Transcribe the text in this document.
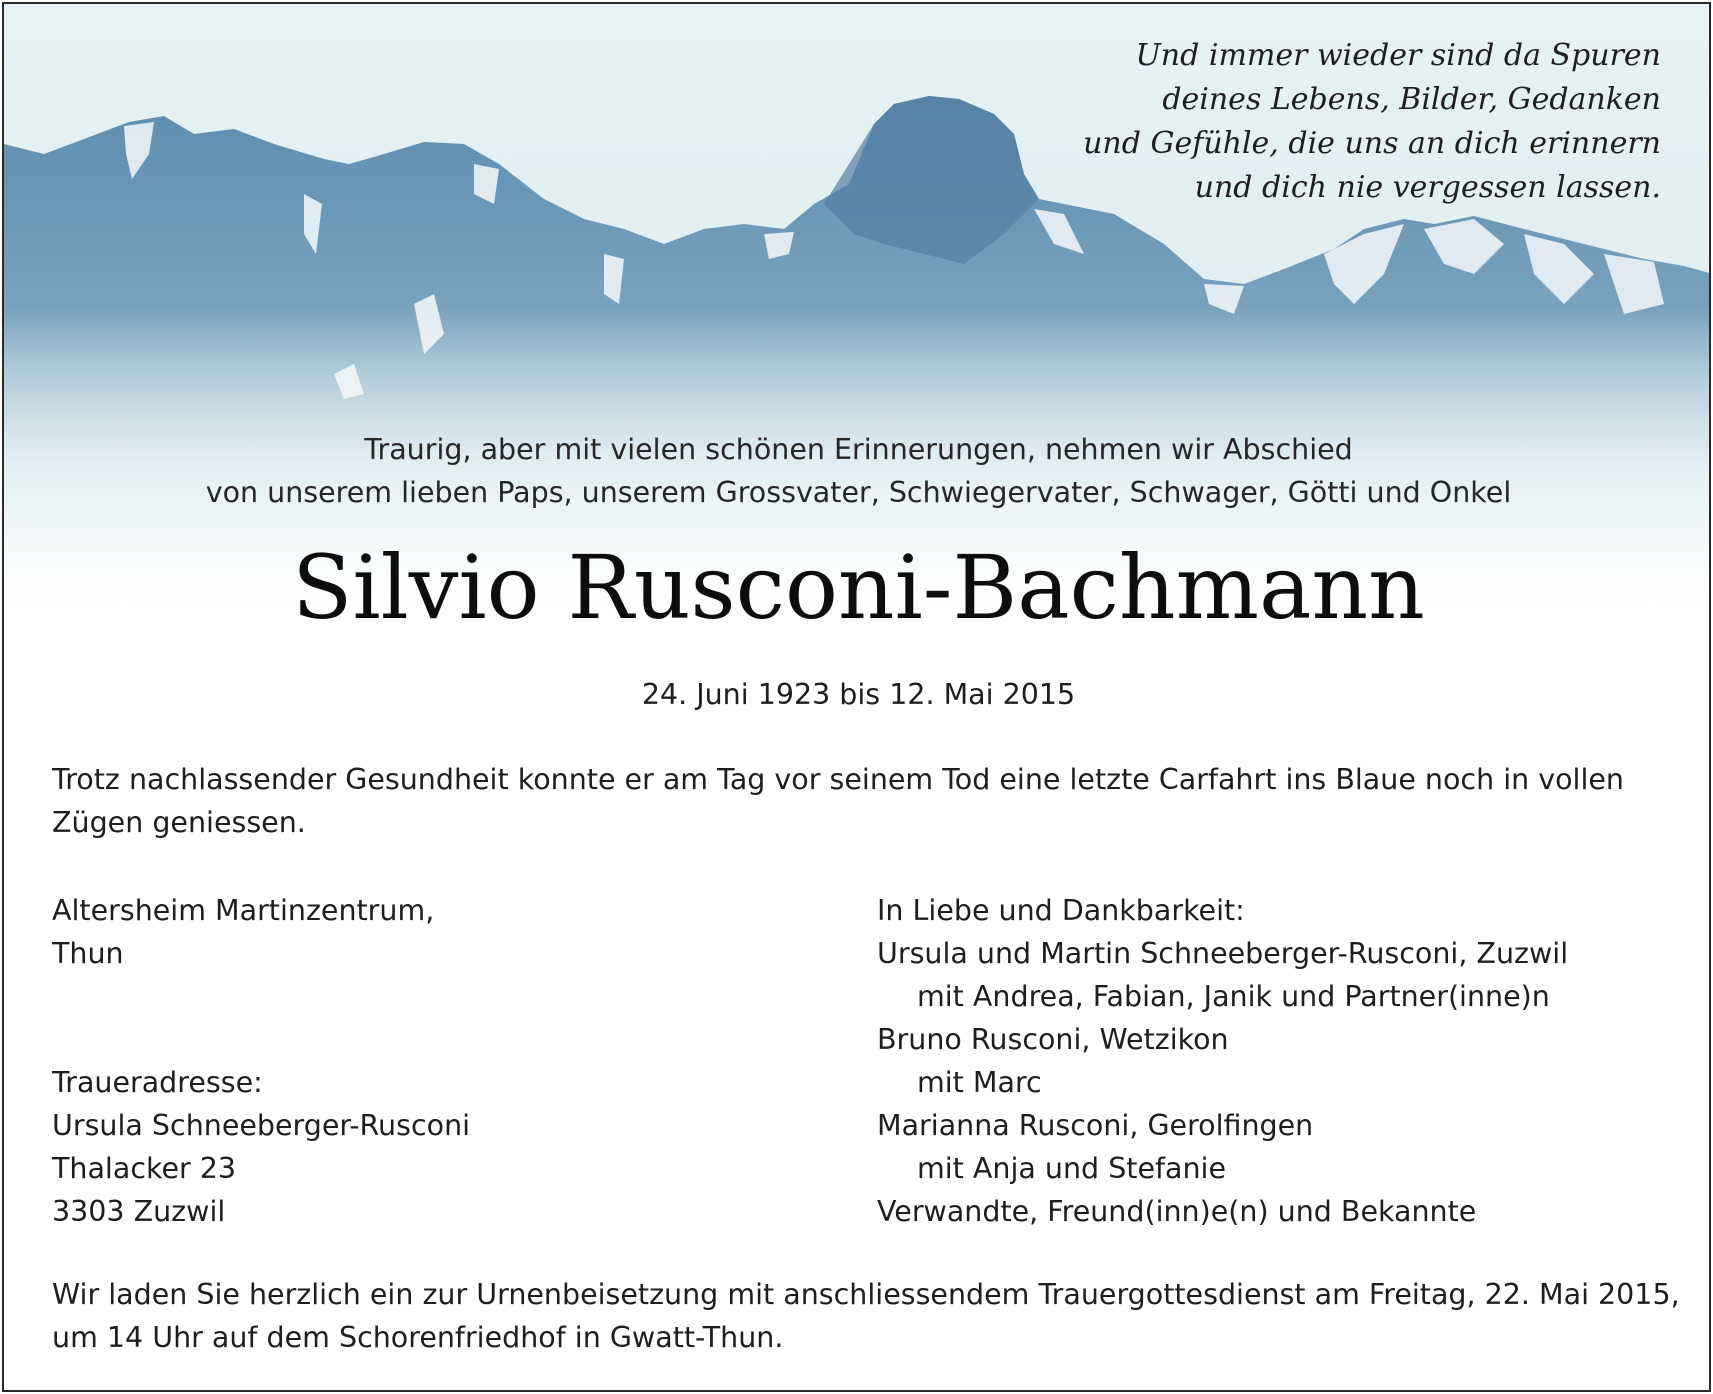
Und immer wieder sind da Spuren
deines Lebens, Bilder, Gedanken
und Gefühle, die uns an dich erinnern
und dich nie vergessen lassen.
Traurig, aber mit vielen schönen Erinnerungen, nehmen wir Abschied
von unserem lieben Paps, unserem Grossvater, Schwiegervater, Schwager, Götti und Onkel
Silvio Rusconi-Bachmann
24. Juni 1923 bis 12. Mai 2015
Trotz nachlassender Gesundheit konnte er am Tag vor seinem Tod eine letzte Carfahrt ins Blaue noch in vollen
Zügen geniessen.
Altersheim Martinzentrum,
Thun
Traueradresse:
Ursula Schneeberger-Rusconi
Thalacker 23
3303 Zuzwil
In Liebe und Dankbarkeit:
Ursula und Martin Schneeberger-Rusconi, Zuzwil
mit Andrea, Fabian, Janik und Partner(inne)n
Bruno Rusconi, Wetzikon
mit Marc
Marianna Rusconi, Gerolfingen
mit Anja und Stefanie
Verwandte, Freund(inn)e(n) und Bekannte
Wir laden Sie herzlich ein zur Urnenbeisetzung mit anschliessendem Trauergottesdienst am Freitag, 22. Mai 2015,
um 14 Uhr auf dem Schorenfriedhof in Gwatt-Thun.
